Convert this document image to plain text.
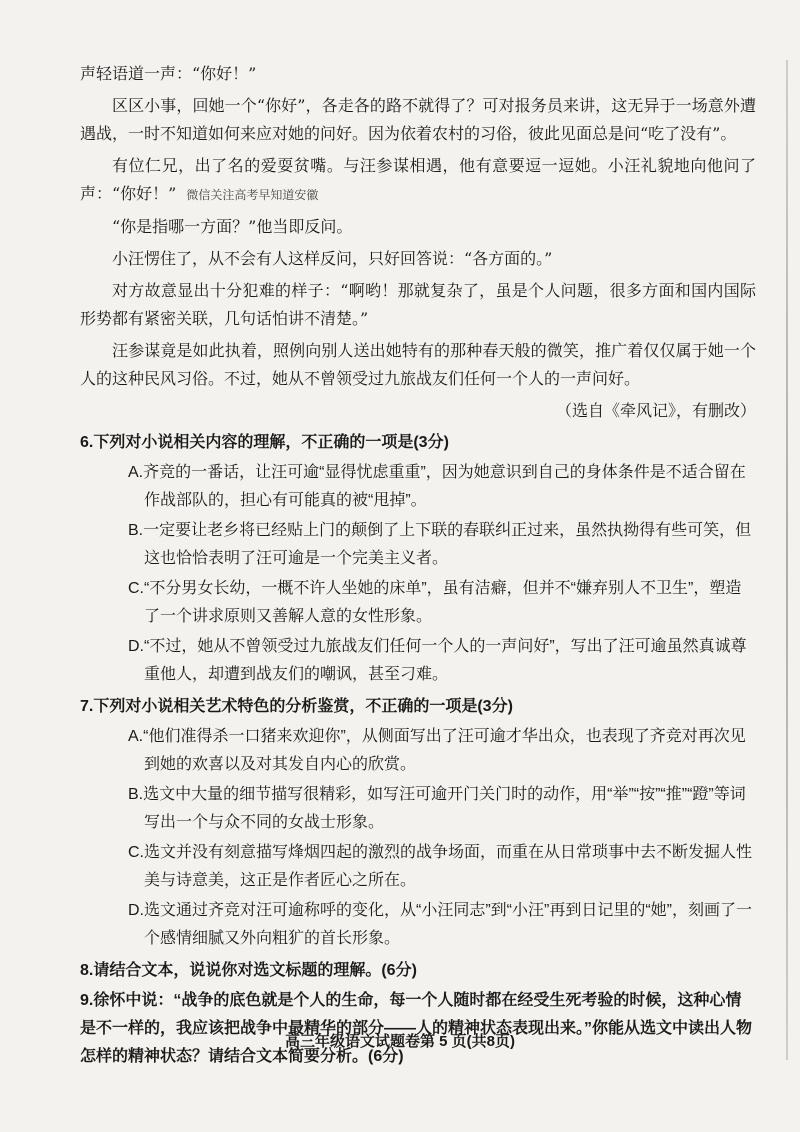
声轻语道一声：“你好！”

区区小事，回她一个“你好”，各走各的路不就得了？可对报务员来讲，这无异于一场意外遭遇战，一时不知道如何来应对她的问好。因为依着农村的习俗，彼此见面总是问“吃了没有”。

有位仁兄，出了名的爱耍贫嘴。与汪参谋相遇，他有意要逗一逗她。小汪礼貌地向他问了声：“你好！” 微信关注高考早知道安徽

“你是指哪一方面？”他当即反问。

小汪愣住了，从不会有人这样反问，只好回答说：“各方面的。”

对方故意显出十分犯难的样子：“啊哟！那就复杂了，虽是个人问题，很多方面和国内国际形势都有紧密关联，几句话怕讲不清楚。”

汪参谋竟是如此执着，照例向别人送出她特有的那种春天般的微笑，推广着仅仅属于她一个人的这种民风习俗。不过，她从不曾领受过九旅战友们任何一个人的一声问好。

（选自《牵风记》，有删改）

6.下列对小说相关内容的理解，不正确的一项是(3分)

A.齐竞的一番话，让汪可逾“显得忧虑重重”，因为她意识到自己的身体条件是不适合留在作战部队的，担心有可能真的被“甩掉”。

B.一定要让老乡将已经贴上门的颠倒了上下联的春联纠正过来，虽然执拗得有些可笑，但这也恰恰表明了汪可逾是一个完美主义者。

C.“不分男女长幼，一概不许人坐她的床单”，虽有洁癖，但并不“嫌弃别人不卫生”，塑造了一个讲求原则又善解人意的女性形象。

D.“不过，她从不曾领受过九旅战友们任何一个人的一声问好”，写出了汪可逾虽然真诚尊重他人，却遭到战友们的嘲讽，甚至刁难。

7.下列对小说相关艺术特色的分析鉴赏，不正确的一项是(3分)

A.“他们准得杀一口猪来欢迎你”，从侧面写出了汪可逾才华出众，也表现了齐竞对再次见到她的欢喜以及对其发自内心的欣赏。

B.选文中大量的细节描写很精彩，如写汪可逾开门关门时的动作，用“举”“按”“推”“蹬”等词写出一个与众不同的女战士形象。

C.选文并没有刻意描写烽烟四起的激烈的战争场面，而重在从日常琐事中去不断发掘人性美与诗意美，这正是作者匠心之所在。

D.选文通过齐竞对汪可逾称呼的变化，从“小汪同志”到“小汪”再到日记里的“她”，刻画了一个感情细腻又外向粗犷的首长形象。

8.请结合文本，说说你对选文标题的理解。(6分)

9.徐怀中说：“战争的底色就是个人的生命，每一个人随时都在经受生死考验的时候，这种心情是不一样的，我应该把战争中最精华的部分——人的精神状态表现出来。”你能从选文中读出人物怎样的精神状态？请结合文本简要分析。(6分)

高三年级语文试题卷第 5 页(共8页)
